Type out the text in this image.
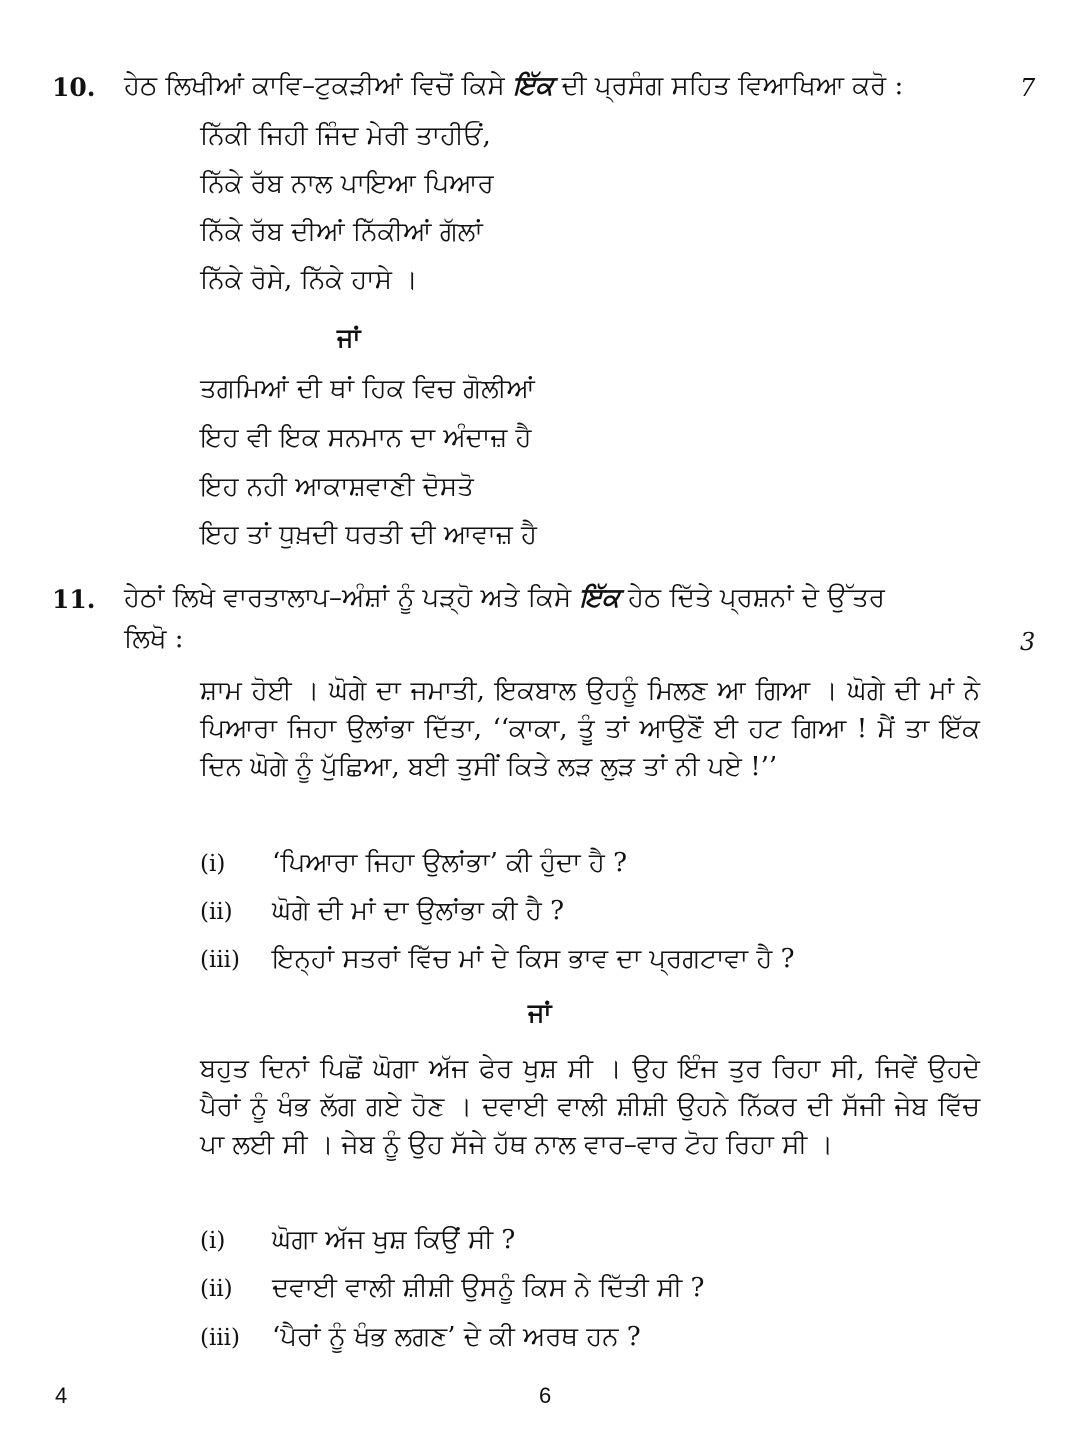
10. ਹੇਠ ਲਿਖੀਆਂ ਕਾਵਿ–ਟੁਕੜੀਆਂ ਵਿਚੋਂ ਕਿਸੇ ਇੱਕ ਦੀ ਪ੍ਰਸੰਗ ਸਹਿਤ ਵਿਆਖਿਆ ਕਰੋ :	7
ਨਿੱਕੀ ਜਿਹੀ ਜਿੰਦ ਮੇਰੀ ਤਾਹੀਓਂ,
ਨਿੱਕੇ ਰੱਬ ਨਾਲ ਪਾਇਆ ਪਿਆਰ
ਨਿੱਕੇ ਰੱਬ ਦੀਆਂ ਨਿੱਕੀਆਂ ਗੱਲਾਂ
ਨਿੱਕੇ ਰੋਸੇ, ਨਿੱਕੇ ਹਾਸੇ ।
ਜਾਂ
ਤਗਮਿਆਂ ਦੀ ਥਾਂ ਹਿਕ ਵਿਚ ਗੋਲੀਆਂ
ਇਹ ਵੀ ਇਕ ਸਨਮਾਨ ਦਾ ਅੰਦਾਜ਼ ਹੈ
ਇਹ ਨਹੀ ਆਕਾਸ਼ਵਾਣੀ ਦੋਸਤੋ
ਇਹ ਤਾਂ ਧੁਖ਼ਦੀ ਧਰਤੀ ਦੀ ਆਵਾਜ਼ ਹੈ
11. ਹੇਠਾਂ ਲਿਖੇ ਵਾਰਤਾਲਾਪ–ਅੰਸ਼ਾਂ ਨੂੰ ਪੜ੍ਹੋ ਅਤੇ ਕਿਸੇ ਇੱਕ ਹੇਠ ਦਿੱਤੇ ਪ੍ਰਸ਼ਨਾਂ ਦੇ ਉੱਤਰ
ਲਿਖੋ :	3
ਸ਼ਾਮ ਹੋਈ । ਘੋਗੇ ਦਾ ਜਮਾਤੀ, ਇਕਬਾਲ ਉਹਨੂੰ ਮਿਲਣ ਆ ਗਿਆ । ਘੋਗੇ ਦੀ ਮਾਂ ਨੇ ਪਿਆਰਾ ਜਿਹਾ ਉਲਾਂਭਾ ਦਿੱਤਾ, ‘‘ਕਾਕਾ, ਤੂੰ ਤਾਂ ਆਉਣੋਂ ਈ ਹਟ ਗਿਆ ! ਮੈਂ ਤਾ ਇੱਕ ਦਿਨ ਘੋਗੇ ਨੂੰ ਪੁੱਛਿਆ, ਬਈ ਤੁਸੀਂ ਕਿਤੇ ਲੜ ਲੁੜ ਤਾਂ ਨੀ ਪਏ !’’
(i) ‘ਪਿਆਰਾ ਜਿਹਾ ਉਲਾਂਭਾ’ ਕੀ ਹੁੰਦਾ ਹੈ ?
(ii) ਘੋਗੇ ਦੀ ਮਾਂ ਦਾ ਉਲਾਂਭਾ ਕੀ ਹੈ ?
(iii) ਇਨ੍ਹਾਂ ਸਤਰਾਂ ਵਿੱਚ ਮਾਂ ਦੇ ਕਿਸ ਭਾਵ ਦਾ ਪ੍ਰਗਟਾਵਾ ਹੈ ?
ਜਾਂ
ਬਹੁਤ ਦਿਨਾਂ ਪਿਛੋਂ ਘੋਗਾ ਅੱਜ ਫੇਰ ਖੁਸ਼ ਸੀ । ਉਹ ਇੰਜ ਤੁਰ ਰਿਹਾ ਸੀ, ਜਿਵੇਂ ਉਹਦੇ ਪੈਰਾਂ ਨੂੰ ਖੰਭ ਲੱਗ ਗਏ ਹੋਣ । ਦਵਾਈ ਵਾਲੀ ਸ਼ੀਸ਼ੀ ਉਹਨੇ ਨਿੱਕਰ ਦੀ ਸੱਜੀ ਜੇਬ ਵਿੱਚ ਪਾ ਲਈ ਸੀ । ਜੇਬ ਨੂੰ ਉਹ ਸੱਜੇ ਹੱਥ ਨਾਲ ਵਾਰ–ਵਾਰ ਟੋਹ ਰਿਹਾ ਸੀ ।
(i) ਘੋਗਾ ਅੱਜ ਖੁਸ਼ ਕਿਉਂ ਸੀ ?
(ii) ਦਵਾਈ ਵਾਲੀ ਸ਼ੀਸ਼ੀ ਉਸਨੂੰ ਕਿਸ ਨੇ ਦਿੱਤੀ ਸੀ ?
(iii) ‘ਪੈਰਾਂ ਨੂੰ ਖੰਭ ਲਗਣ’ ਦੇ ਕੀ ਅਰਥ ਹਨ ?
4	6
